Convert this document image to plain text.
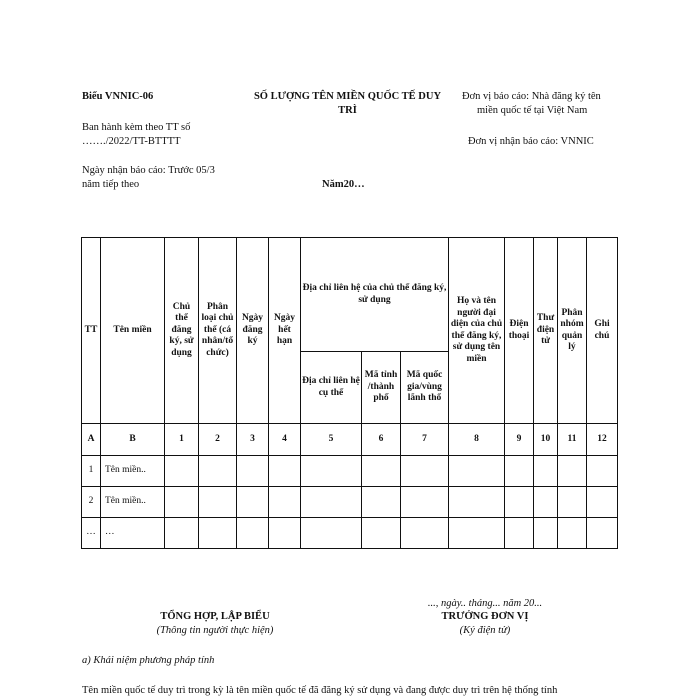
Biểu VNNIC-06
Ban hành kèm theo TT số
……./2022/TT-BTTTT
Ngày nhận báo cáo: Trước 05/3
năm tiếp theo
SỐ LƯỢNG TÊN MIỀN QUỐC TẾ DUY
TRÌ
Năm20…
Đơn vị báo cáo: Nhà đăng ký tên
miền quốc tế tại Việt Nam
Đơn vị nhận báo cáo: VNNIC
TT	Tên miền	Chủ thể đăng ký, sử dụng	Phân loại chủ thể (cá nhân/tổ chức)	Ngày đăng ký	Ngày hết hạn	Địa chỉ liên hệ của chủ thể đăng ký, sử dụng			Họ và tên người đại diện của chủ thể đăng ký, sử dụng tên miền	Điện thoại	Thư điện tử	Phân nhóm quản lý	Ghi chú
						Địa chỉ liên hệ cụ thể	Mã tỉnh /thành phố	Mã quốc gia/vùng lãnh thổ					
A	B	1	2	3	4	5	6	7	8	9	10	11	12
1	Tên miền..												
2	Tên miền..												
…	…												
..., ngày.. tháng... năm 20...
TỔNG HỢP, LẬP BIỂU	TRƯỞNG ĐƠN VỊ
(Thông tin người thực hiện)	(Ký điện tử)
a) Khái niệm phương pháp tính
Tên miền quốc tế duy trì trong kỳ là tên miền quốc tế đã đăng ký sử dụng và đang được duy trì trên hệ thống tính
